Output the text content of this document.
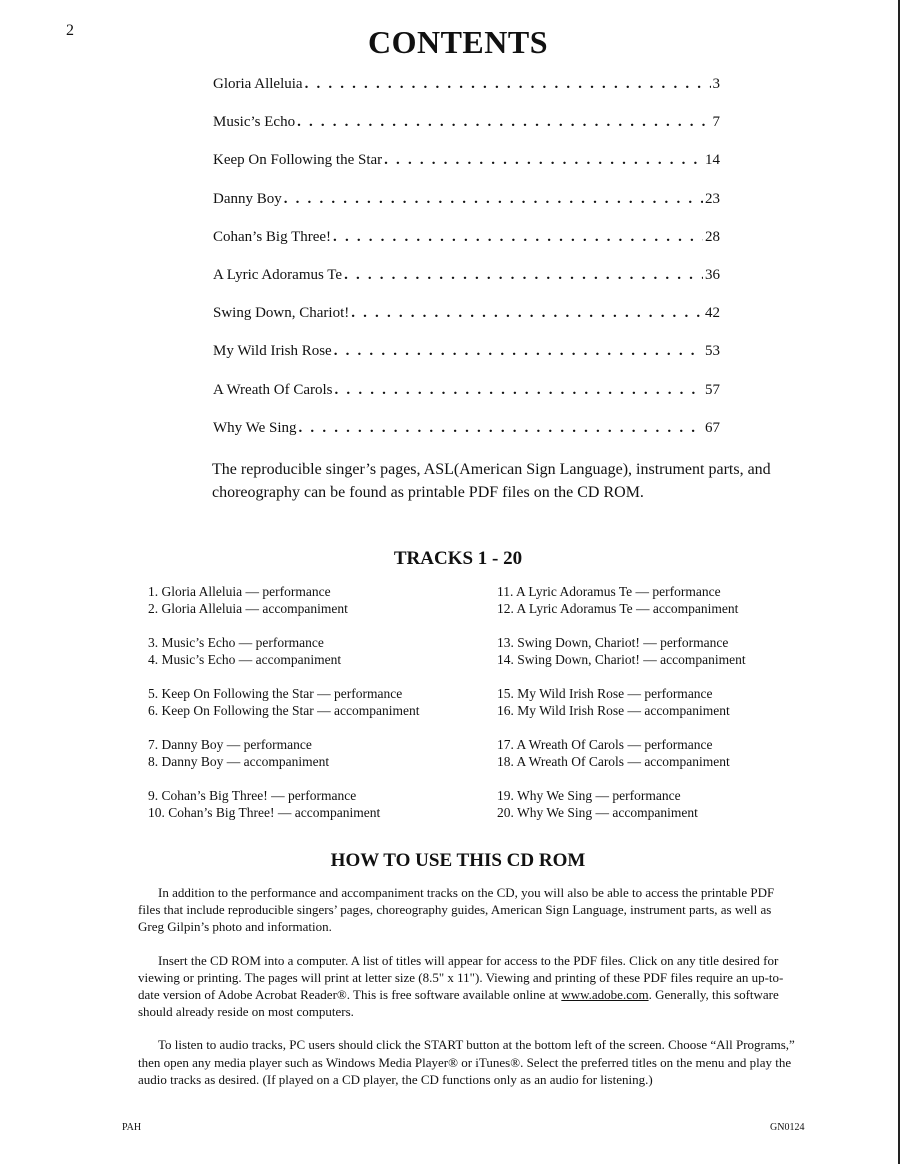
2	CONTENTS
Gloria Alleluia . . .	3
Music’s Echo . . .	7
Keep On Following the Star . . .	14
Danny Boy . . .	23
Cohan’s Big Three! . . .	28
A Lyric Adoramus Te . . .	36
Swing Down, Chariot! . . .	42
My Wild Irish Rose . . .	53
A Wreath Of Carols . . .	57
Why We Sing . . .	67
The reproducible singer’s pages, ASL(American Sign Language), instrument parts, and choreography can be found as printable PDF files on the CD ROM.
TRACKS 1 - 20
1. Gloria Alleluia — performance
2. Gloria Alleluia — accompaniment
3. Music’s Echo — performance
4. Music’s Echo — accompaniment
5. Keep On Following the Star — performance
6. Keep On Following the Star — accompaniment
7. Danny Boy — performance
8. Danny Boy — accompaniment
9. Cohan’s Big Three! — performance
10. Cohan’s Big Three! — accompaniment
11. A Lyric Adoramus Te — performance
12. A Lyric Adoramus Te — accompaniment
13. Swing Down, Chariot! — performance
14. Swing Down, Chariot! — accompaniment
15. My Wild Irish Rose — performance
16. My Wild Irish Rose — accompaniment
17. A Wreath Of Carols — performance
18. A Wreath Of Carols — accompaniment
19. Why We Sing — performance
20. Why We Sing — accompaniment
HOW TO USE THIS CD ROM

In addition to the performance and accompaniment tracks on the CD, you will also be able to access the printable PDF files that include reproducible singers’ pages, choreography guides, American Sign Language, instrument parts, as well as Greg Gilpin’s photo and information.

Insert the CD ROM into a computer. A list of titles will appear for access to the PDF files. Click on any title desired for viewing or printing. The pages will print at letter size (8.5" x 11"). Viewing and printing of these PDF files require an up-to-date version of Adobe Acrobat Reader®. This is free software available online at www.adobe.com. Generally, this software should already reside on most computers.

To listen to audio tracks, PC users should click the START button at the bottom left of the screen. Choose “All Programs,” then open any media player such as Windows Media Player® or iTunes®. Select the preferred titles on the menu and play the audio tracks as desired. (If played on a CD player, the CD functions only as an audio for listening.)

PAH	GN0124
